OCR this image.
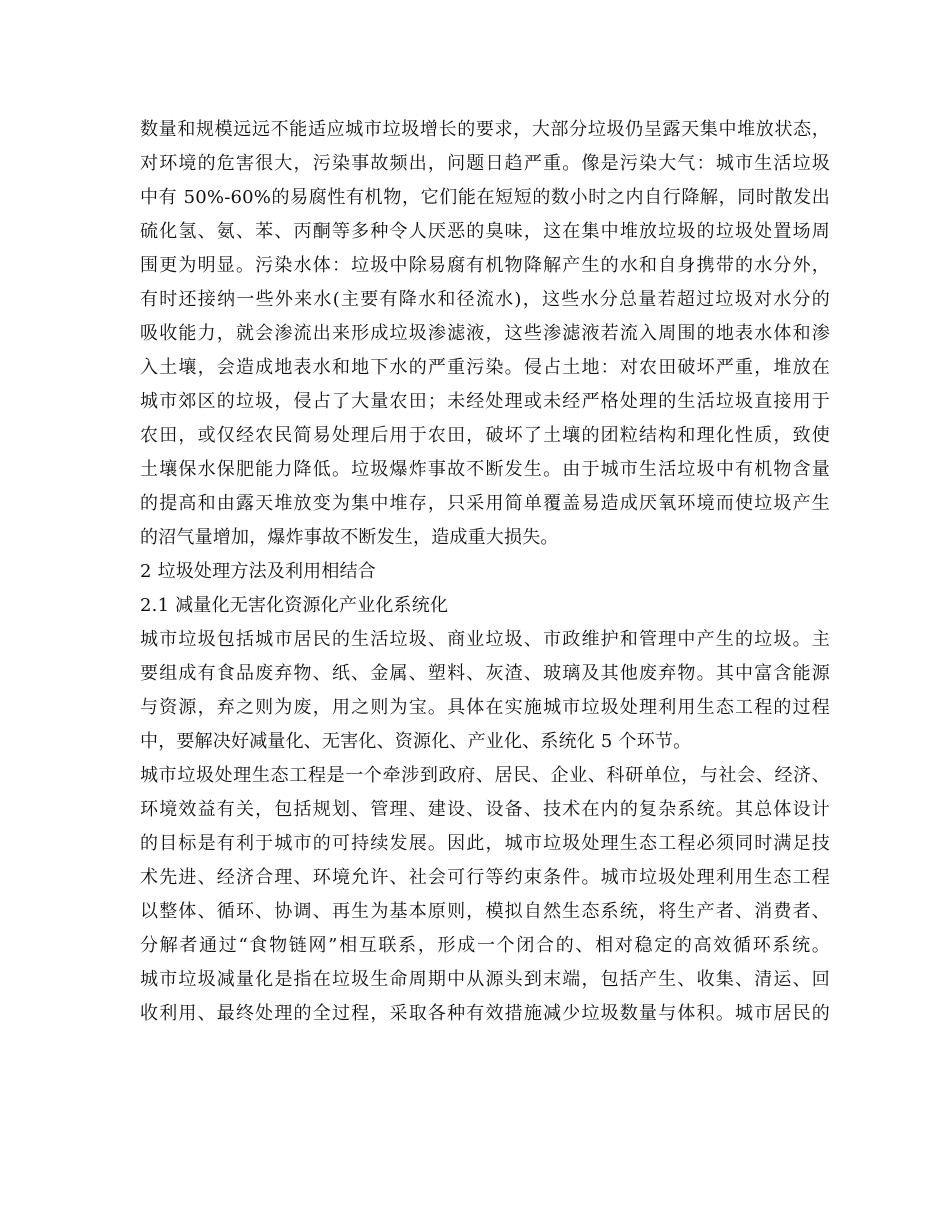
数量和规模远远不能适应城市垃圾增长的要求，大部分垃圾仍呈露天集中堆放状态，
对环境的危害很大，污染事故频出，问题日趋严重。像是污染大气：城市生活垃圾
中有 50%-60%的易腐性有机物，它们能在短短的数小时之内自行降解，同时散发出
硫化氢、氨、苯、丙酮等多种令人厌恶的臭味，这在集中堆放垃圾的垃圾处置场周
围更为明显。污染水体：垃圾中除易腐有机物降解产生的水和自身携带的水分外，
有时还接纳一些外来水(主要有降水和径流水)，这些水分总量若超过垃圾对水分的
吸收能力，就会渗流出来形成垃圾渗滤液，这些渗滤液若流入周围的地表水体和渗
入土壤，会造成地表水和地下水的严重污染。侵占土地：对农田破坏严重，堆放在
城市郊区的垃圾，侵占了大量农田；未经处理或未经严格处理的生活垃圾直接用于
农田，或仅经农民简易处理后用于农田，破坏了土壤的团粒结构和理化性质，致使
土壤保水保肥能力降低。垃圾爆炸事故不断发生。由于城市生活垃圾中有机物含量
的提高和由露天堆放变为集中堆存，只采用简单覆盖易造成厌氧环境而使垃圾产生
的沼气量增加，爆炸事故不断发生，造成重大损失。
2 垃圾处理方法及利用相结合
2.1 减量化无害化资源化产业化系统化
城市垃圾包括城市居民的生活垃圾、商业垃圾、市政维护和管理中产生的垃圾。主
要组成有食品废弃物、纸、金属、塑料、灰渣、玻璃及其他废弃物。其中富含能源
与资源，弃之则为废，用之则为宝。具体在实施城市垃圾处理利用生态工程的过程
中，要解决好减量化、无害化、资源化、产业化、系统化 5 个环节。
城市垃圾处理生态工程是一个牵涉到政府、居民、企业、科研单位，与社会、经济、
环境效益有关，包括规划、管理、建设、设备、技术在内的复杂系统。其总体设计
的目标是有利于城市的可持续发展。因此，城市垃圾处理生态工程必须同时满足技
术先进、经济合理、环境允许、社会可行等约束条件。城市垃圾处理利用生态工程
以整体、循环、协调、再生为基本原则，模拟自然生态系统，将生产者、消费者、
分解者通过“食物链网”相互联系，形成一个闭合的、相对稳定的高效循环系统。
城市垃圾减量化是指在垃圾生命周期中从源头到末端，包括产生、收集、清运、回
收利用、最终处理的全过程，采取各种有效措施减少垃圾数量与体积。城市居民的
